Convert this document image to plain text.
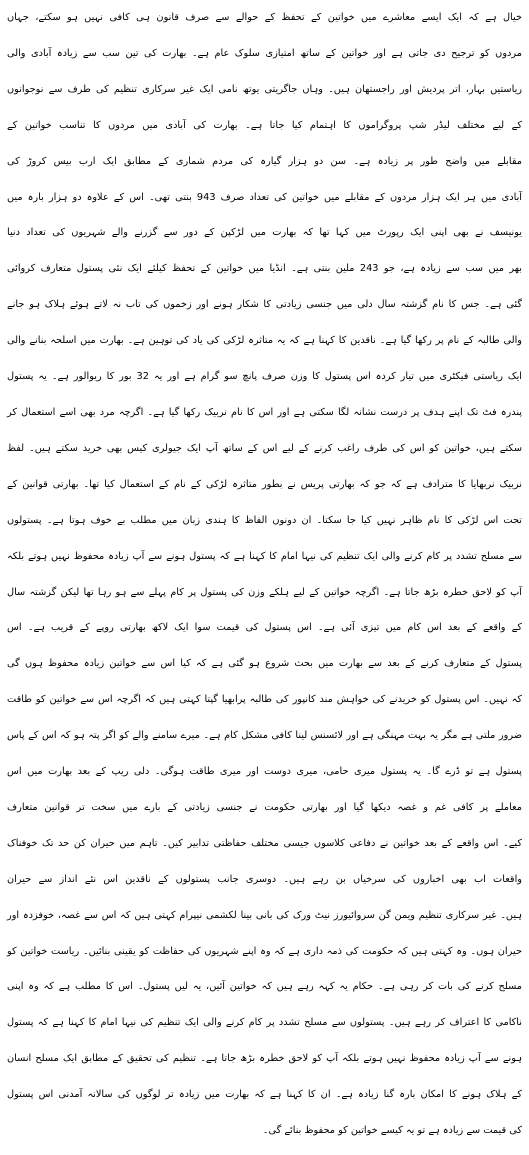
خیال ہے کہ ایک ایسے معاشرے میں خواتین کے تحفظ کے حوالے سے صرف قانون ہی کافی نہیں ہو سکتے، جہاں
مردوں کو ترجیح دی جاتی ہے اور خواتین کے ساتھ امتیازی سلوک عام ہے۔ بھارت کی تین سب سے زیادہ آبادی والی
ریاستیں بہار، اتر پردیش اور راجستھان ہیں۔ وہاں جاگریتی یوتھ نامی ایک غیر سرکاری تنظیم کی طرف سے نوجوانوں
کے لیے مختلف لیڈر شپ پروگراموں کا اہتمام کیا جاتا ہے۔ بھارت کی آبادی میں مردوں کا تناسب خواتین کے
مقابلے میں واضح طور پر زیادہ ہے۔ سن دو ہزار گیارہ کی مردم شماری کے مطابق ایک ارب بیس کروڑ کی
آبادی میں ہر ایک ہزار مردوں کے مقابلے میں خواتین کی تعداد صرف 943 بنتی تھی۔ اس کے علاوہ دو ہزار بارہ میں
یونیسف نے بھی اپنی ایک رپورٹ میں کہا تھا کہ بھارت میں لڑکپن کے دور سے گزرنے والے شہریوں کی تعداد دنیا
بھر میں سب سے زیادہ ہے، جو 243 ملین بنتی ہے۔ انڈیا میں خواتین کے تحفظ کیلئے ایک نئی پستول متعارف کروائی
گئی ہے۔ جس کا نام گزشتہ سال دلی میں جنسی زیادتی کا شکار ہونے اور زخموں کی تاب نہ لاتے ہوئے ہلاک ہو جانے
والی طالبہ کے نام پر رکھا گیا ہے۔ ناقدین کا کہنا ہے کہ یہ متاثرہ لڑکی کی یاد کی توہین ہے۔ بھارت میں اسلحہ بنانے والی
ایک ریاستی فیکٹری میں تیار کردہ اس پستول کا وزن صرف پانچ سو گرام ہے اور یہ 32 بور کا ریوالور ہے۔ یہ پستول
پندرہ فٹ تک اپنے ہدف پر درست نشانہ لگا سکتی ہے اور اس کا نام نربیک رکھا گیا ہے۔ اگرچہ مرد بھی اسے استعمال کر
سکتے ہیں، خواتین کو اس کی طرف راغب کرنے کے لیے اس کے ساتھ آپ ایک جیولری کیس بھی خرید سکتے ہیں۔ لفظ
نربیک نربھایا کا مترادف ہے کہ جو کہ بھارتی پریس نے بطور متاثرہ لڑکی کے نام کے استعمال کیا تھا۔ بھارتی قوانین کے
تحت اس لڑکی کا نام ظاہر نہیں کیا جا سکتا۔ ان دونوں الفاظ کا ہندی زبان میں مطلب بے خوف ہوتا ہے۔ پستولوں
سے مسلح تشدد پر کام کرنے والی ایک تنظیم کی نیہا امام کا کہنا ہے کہ پستول ہونے سے آپ زیادہ محفوظ نہیں ہوتے بلکہ
آپ کو لاحق خطرہ بڑھ جاتا ہے۔ اگرچہ خواتین کے لیے ہلکے وزن کی پستول پر کام پہلے سے ہو رہا تھا لیکن گزشتہ سال
کے واقعے کے بعد اس کام میں تیزی آئی ہے۔ اس پستول کی قیمت سوا ایک لاکھ بھارتی روپے کے قریب ہے۔ اس
پستول کے متعارف کرنے کے بعد سے بھارت میں بحث شروع ہو گئی ہے کہ کیا اس سے خواتین زیادہ محفوظ ہوں گی
کہ نہیں۔ اس پستول کو خریدنے کی خواہش مند کانپور کی طالبہ پرابھیا گپتا کہتی ہیں کہ اگرچہ اس سے خواتین کو طاقت
ضرور ملتی ہے مگر یہ بہت مہنگی ہے اور لائسنس لینا کافی مشکل کام ہے۔ میرے سامنے والے کو اگر پتہ ہو کہ اس کے پاس
پستول ہے تو ڈرے گا۔ یہ پستول میری حامی، میری دوست اور میری طاقت ہوگی۔ دلی ریپ کے بعد بھارت میں اس
معاملے پر کافی غم و غصہ دیکھا گیا اور بھارتی حکومت نے جنسی زیادتی کے بارے میں سخت تر قوانین متعارف
کیے۔ اس واقعے کے بعد خواتین نے دفاعی کلاسوں جیسی مختلف حفاظتی تدابیر کیں۔ تاہم میں حیران کن حد تک خوفناک
واقعات اب بھی اخباروں کی سرخیاں بن رہے ہیں۔ دوسری جانب پستولوں کے ناقدین اس نئے انداز سے حیران
ہیں۔ غیر سرکاری تنظیم ویمن گن سروائیورز نیٹ ورک کی بانی بینا لکشمی نیپرام کہتی ہیں کہ اس سے غصہ، خوفزدہ اور
حیران ہوں۔ وہ کہتی ہیں کہ حکومت کی ذمہ داری ہے کہ وہ اپنے شہریوں کی حفاظت کو یقینی بنائیں۔ ریاست خواتین کو
مسلح کرنے کی بات کر رہی ہے۔ حکام یہ کہہ رہے ہیں کہ خواتین آئیں، یہ لیں پستول۔ اس کا مطلب ہے کہ وہ اپنی
ناکامی کا اعتراف کر رہے ہیں۔ پستولوں سے مسلح تشدد پر کام کرنے والی ایک تنظیم کی نیہا امام کا کہنا ہے کہ پستول
ہونے سے آپ زیادہ محفوظ نہیں ہوتے بلکہ آپ کو لاحق خطرہ بڑھ جاتا ہے۔ تنظیم کی تحقیق کے مطابق ایک مسلح انسان
کے ہلاک ہونے کا امکان بارہ گنا زیادہ ہے۔ ان کا کہنا ہے کہ بھارت میں زیادہ تر لوگوں کی سالانہ آمدنی اس پستول
کی قیمت سے زیادہ ہے تو یہ کیسے خواتین کو محفوظ بنائے گی۔
